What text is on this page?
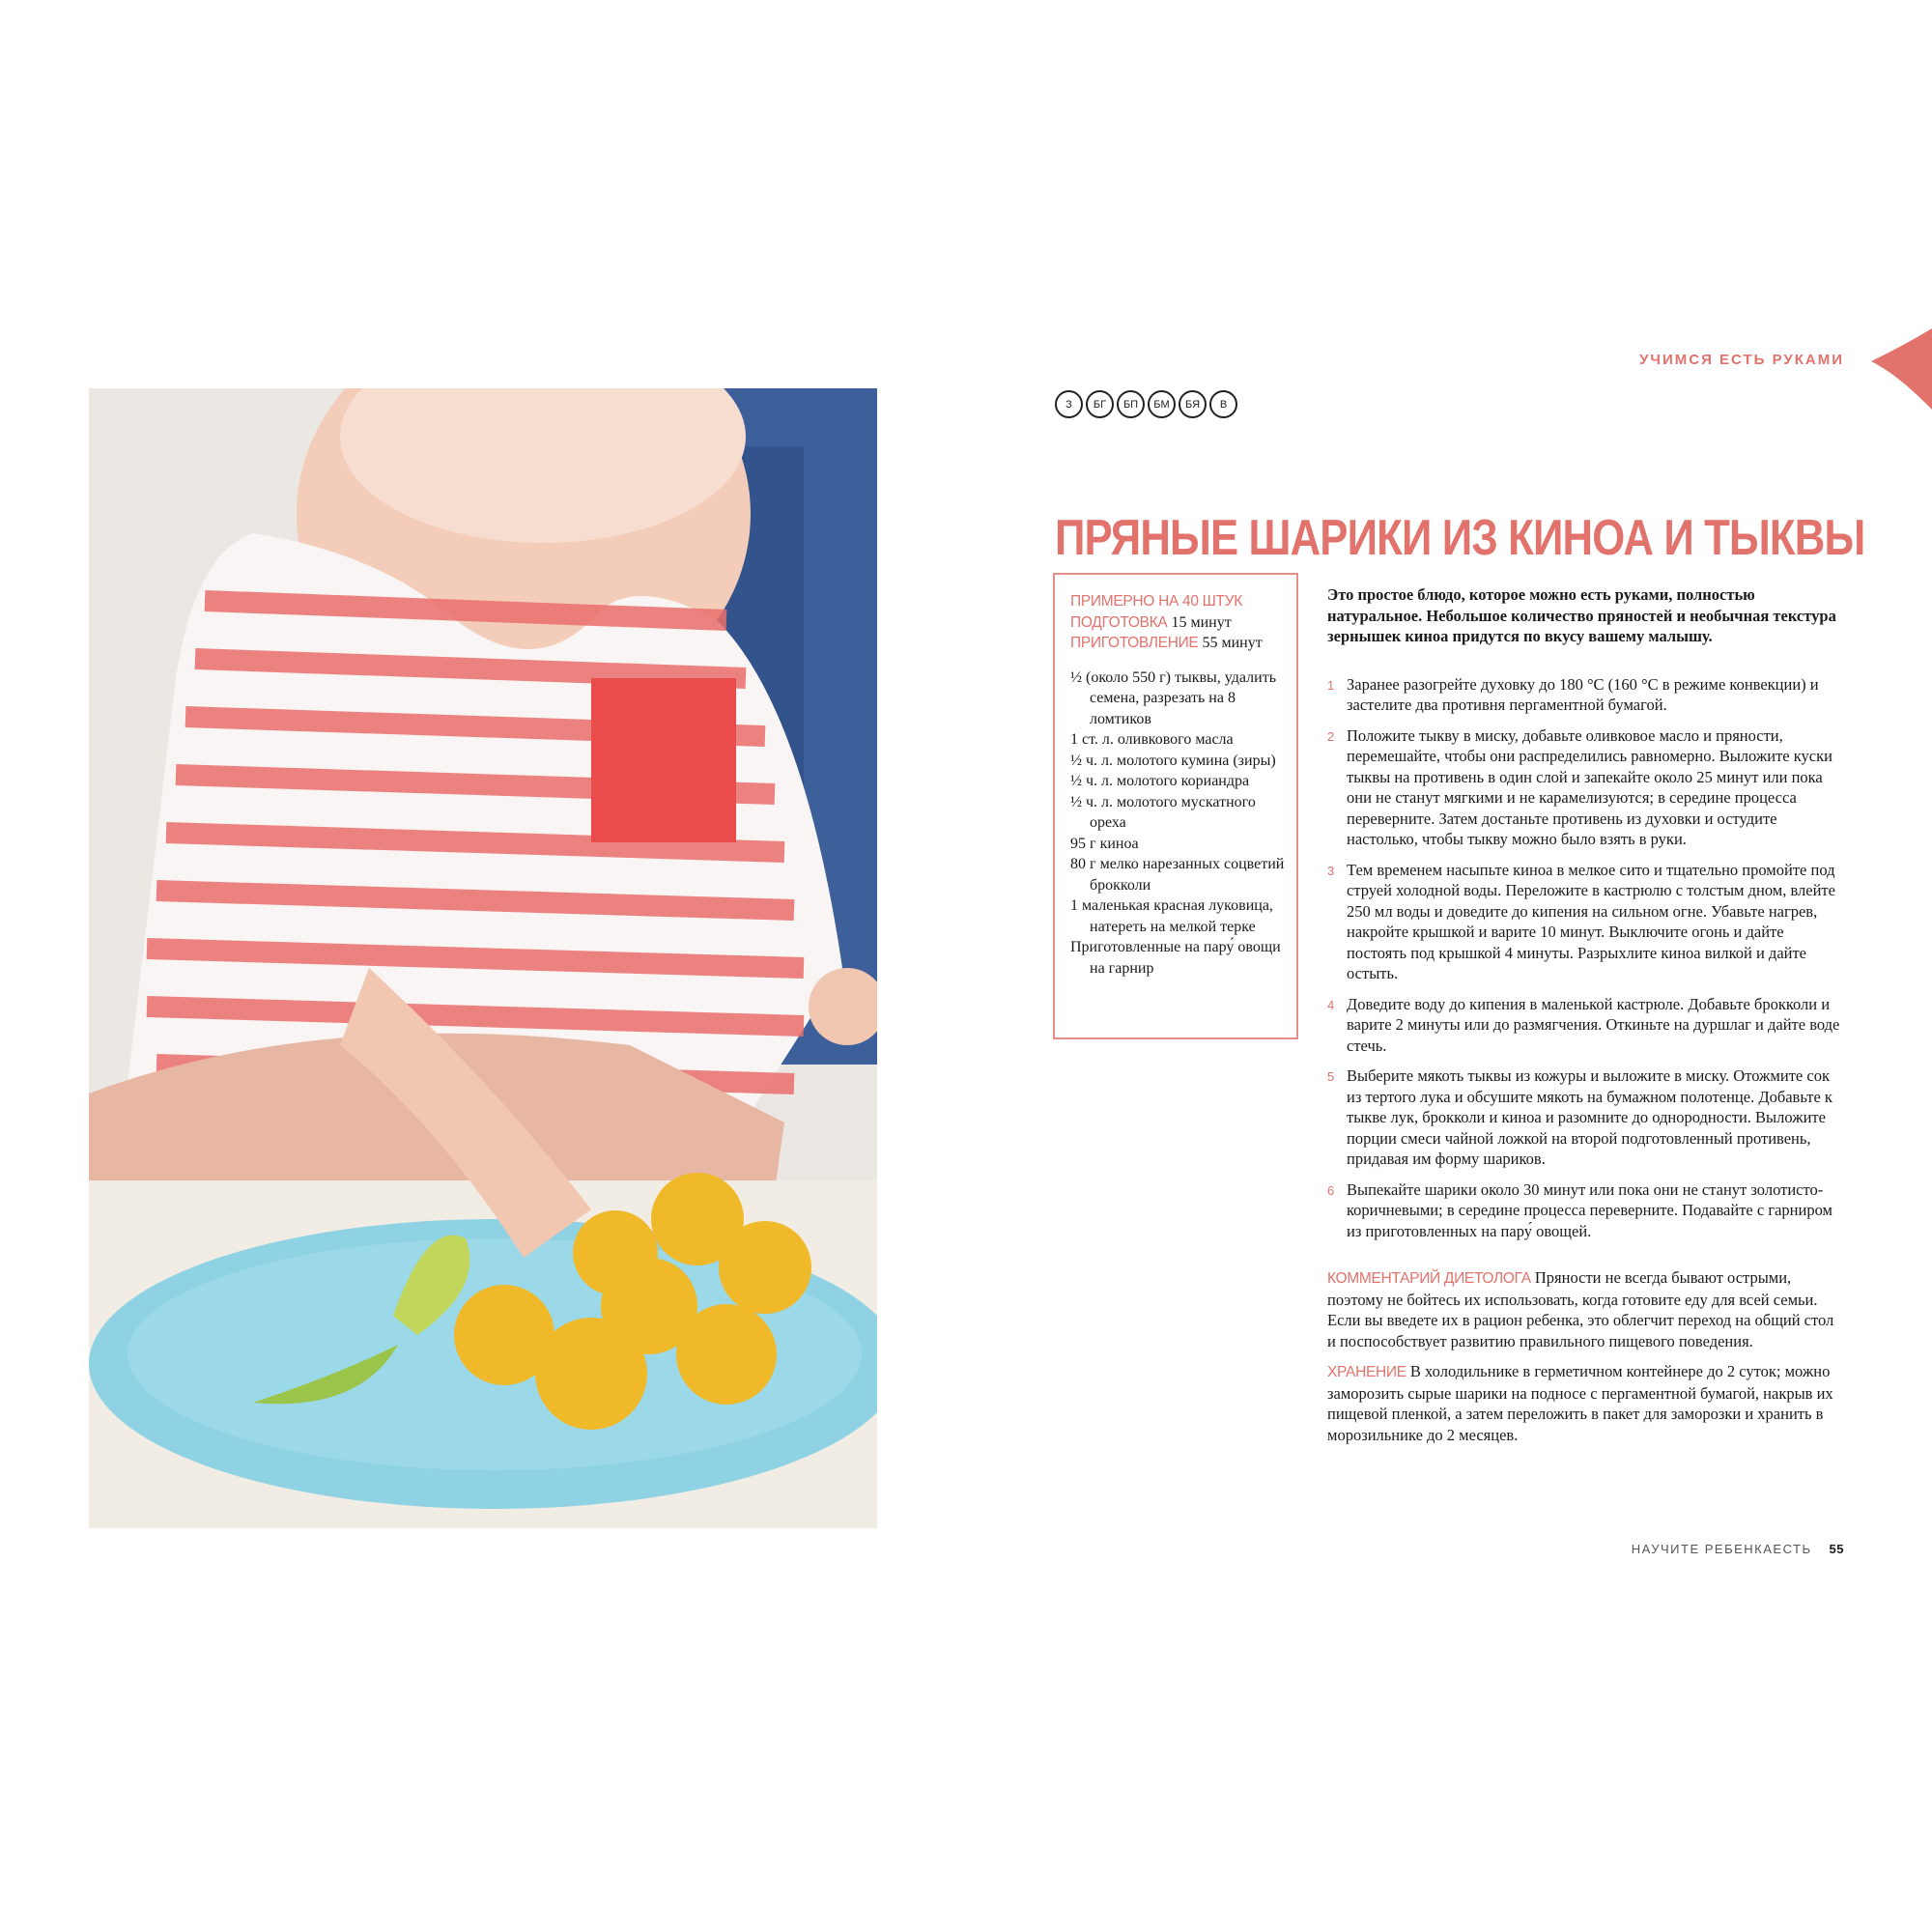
УЧИМСЯ ЕСТЬ РУКАМИ
З	БГ	БП	БМ	БЯ	В
ПРЯНЫЕ ШАРИКИ ИЗ КИНОА И ТЫКВЫ

ПРИМЕРНО НА 40 ШТУК
ПОДГОТОВКА 15 минут
ПРИГОТОВЛЕНИЕ 55 минут

½ (около 550 г) тыквы, удалить семена, разрезать на 8 ломтиков
1 ст. л. оливкового масла
½ ч. л. молотого кумина (зиры)
½ ч. л. молотого кориандра
½ ч. л. молотого мускатного ореха
95 г киноа
80 г мелко нарезанных соцветий брокколи
1 маленькая красная луковица, натереть на мелкой терке
Приготовленные на пару́ овощи на гарнир

Это простое блюдо, которое можно есть руками, полностью натуральное. Небольшое количество пряностей и необычная текстура зернышек киноа придутся по вкусу вашему малышу.

1 Заранее разогрейте духовку до 180 °C (160 °C в режиме конвекции) и застелите два противня пергаментной бумагой.
2 Положите тыкву в миску, добавьте оливковое масло и пряности, перемешайте, чтобы они распределились равномерно. Выложите куски тыквы на противень в один слой и запекайте около 25 минут или пока они не станут мягкими и не карамелизуются; в середине процесса переверните. Затем достаньте противень из духовки и остудите настолько, чтобы тыкву можно было взять в руки.
3 Тем временем насыпьте киноа в мелкое сито и тщательно промойте под струей холодной воды. Переложите в кастрюлю с толстым дном, влейте 250 мл воды и доведите до кипения на сильном огне. Убавьте нагрев, накройте крышкой и варите 10 минут. Выключите огонь и дайте постоять под крышкой 4 минуты. Разрыхлите киноа вилкой и дайте остыть.
4 Доведите воду до кипения в маленькой кастрюле. Добавьте брокколи и варите 2 минуты или до размягчения. Откиньте на дуршлаг и дайте воде стечь.
5 Выберите мякоть тыквы из кожуры и выложите в миску. Отожмите сок из тертого лука и обсушите мякоть на бумажном полотенце. Добавьте к тыкве лук, брокколи и киноа и разомните до однородности. Выложите порции смеси чайной ложкой на второй подготовленный противень, придавая им форму шариков.
6 Выпекайте шарики около 30 минут или пока они не станут золотисто-коричневыми; в середине процесса переверните. Подавайте с гарниром из приготовленных на пару́ овощей.

КОММЕНТАРИЙ ДИЕТОЛОГА Пряности не всегда бывают острыми, поэтому не бойтесь их использовать, когда готовите еду для всей семьи. Если вы введете их в рацион ребенка, это облегчит переход на общий стол и поспособствует развитию правильного пищевого поведения.

ХРАНЕНИЕ В холодильнике в герметичном контейнере до 2 суток; можно заморозить сырые шарики на подносе с пергаментной бумагой, накрыв их пищевой пленкой, а затем переложить в пакет для заморозки и хранить в морозильнике до 2 месяцев.

НАУЧИТЕ РЕБЕНКАЕСТЬ 55
